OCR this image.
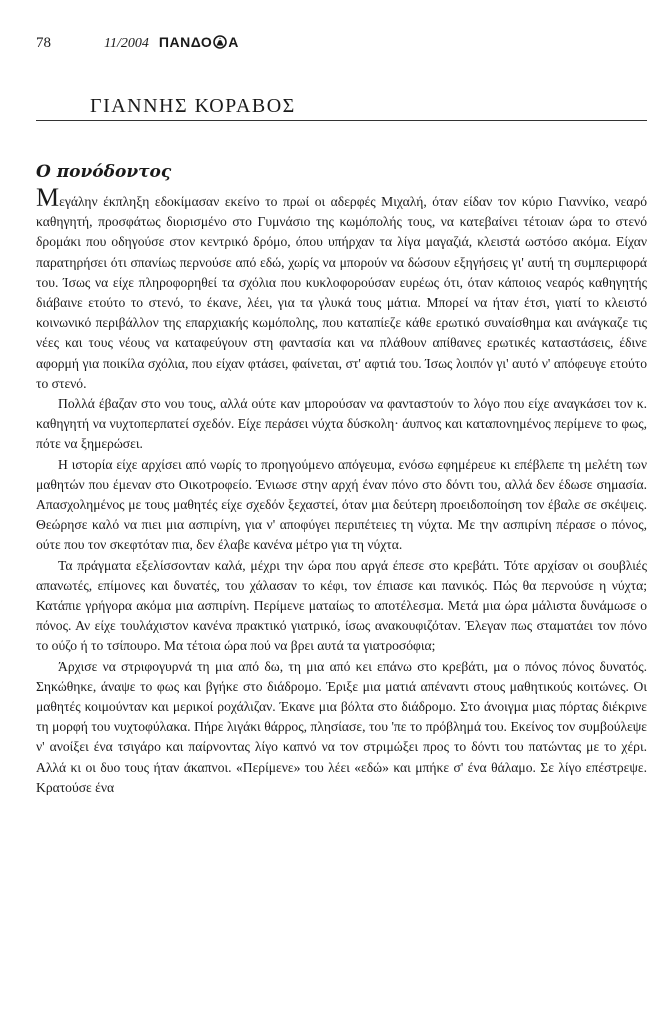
78	11/2004 ΠΑΝΔΟ Α
ΓΙΑΝΝΗΣ ΚΟΡΑΒΟΣ
Ο πονόδοντος

Μεγάλην έκπληξη εδοκίμασαν εκείνο το πρωί οι αδερφές Μιχαλή, όταν είδαν τον κύριο Γιαννίκο, νεαρό καθηγητή, προσφάτως διορισμένο στο Γυμνάσιο της κωμόπολής τους, να κατεβαίνει τέτοιαν ώρα το στενό δρομάκι που οδηγούσε στον κεντρικό δρόμο, όπου υπήρχαν τα λίγα μαγαζιά, κλειστά ωστόσο ακόμα. Είχαν παρατηρήσει ότι σπανίως περνούσε από εδώ, χωρίς να μπορούν να δώσουν εξηγήσεις γι' αυτή τη συμπεριφορά του. Ίσως να είχε πληροφορηθεί τα σχόλια που κυκλοφορούσαν ευρέως ότι, όταν κάποιος νεαρός καθηγητής διάβαινε ετούτο το στενό, το έκανε, λέει, για τα γλυκά τους μάτια. Μπορεί να ήταν έτσι, γιατί το κλειστό κοινωνικό περιβάλλον της επαρχιακής κωμόπολης, που καταπίεζε κάθε ερωτικό συναίσθημα και ανάγκαζε τις νέες και τους νέους να καταφεύγουν στη φαντασία και να πλάθουν απίθανες ερωτικές καταστάσεις, έδινε αφορμή για ποικίλα σχόλια, που είχαν φτάσει, φαίνεται, στ' αφτιά του. Ίσως λοιπόν γι' αυτό ν' απόφευγε ετούτο το στενό.

Πολλά έβαζαν στο νου τους, αλλά ούτε καν μπορούσαν να φανταστούν το λόγο που είχε αναγκάσει τον κ. καθηγητή να νυχτοπερπατεί σχεδόν. Είχε περάσει νύχτα δύσκολη· άυπνος και καταπονημένος περίμενε το φως, πότε να ξημερώσει.

Η ιστορία είχε αρχίσει από νωρίς το προηγούμενο απόγευμα, ενόσω εφημέρευε κι επέβλεπε τη μελέτη των μαθητών που έμεναν στο Οικοτροφείο. Ένιωσε στην αρχή έναν πόνο στο δόντι του, αλλά δεν έδωσε σημασία. Απασχολημένος με τους μαθητές είχε σχεδόν ξεχαστεί, όταν μια δεύτερη προειδοποίηση τον έβαλε σε σκέψεις. Θεώρησε καλό να πιει μια ασπιρίνη, για ν' αποφύγει περιπέτειες τη νύχτα. Με την ασπιρίνη πέρασε ο πόνος, ούτε που τον σκεφτόταν πια, δεν έλαβε κανένα μέτρο για τη νύχτα.

Τα πράγματα εξελίσσονταν καλά, μέχρι την ώρα που αργά έπεσε στο κρεβάτι. Τότε αρχίσαν οι σουβλιές απανωτές, επίμονες και δυνατές, του χάλασαν το κέφι, τον έπιασε και πανικός. Πώς θα περνούσε η νύχτα; Κατάπιε γρήγορα ακόμα μια ασπιρίνη. Περίμενε ματαίως το αποτέλεσμα. Μετά μια ώρα μάλιστα δυνάμωσε ο πόνος. Αν είχε τουλάχιστον κανένα πρακτικό γιατρικό, ίσως ανακουφιζόταν. Έλεγαν πως σταματάει τον πόνο το ούζο ή το τσίπουρο. Μα τέτοια ώρα πού να βρει αυτά τα γιατροσόφια;

Άρχισε να στριφογυρνά τη μια από δω, τη μια από κει επάνω στο κρεβάτι, μα ο πόνος πόνος δυνατός. Σηκώθηκε, άναψε το φως και βγήκε στο διάδρομο. Έριξε μια ματιά απέναντι στους μαθητικούς κοιτώνες. Οι μαθητές κοιμούνταν και μερικοί ροχάλιζαν. Έκανε μια βόλτα στο διάδρομο. Στο άνοιγμα μιας πόρτας διέκρινε τη μορφή του νυχτοφύλακα. Πήρε λιγάκι θάρρος, πλησίασε, του 'πε το πρόβλημά του. Εκείνος τον συμβούλεψε ν' ανοίξει ένα τσιγάρο και παίρνοντας λίγο καπνό να τον στριμώξει προς το δόντι του πατώντας με το χέρι. Αλλά κι οι δυο τους ήταν άκαπνοι. «Περίμενε» του λέει «εδώ» και μπήκε σ' ένα θάλαμο. Σε λίγο επέστρεψε. Κρατούσε ένα
